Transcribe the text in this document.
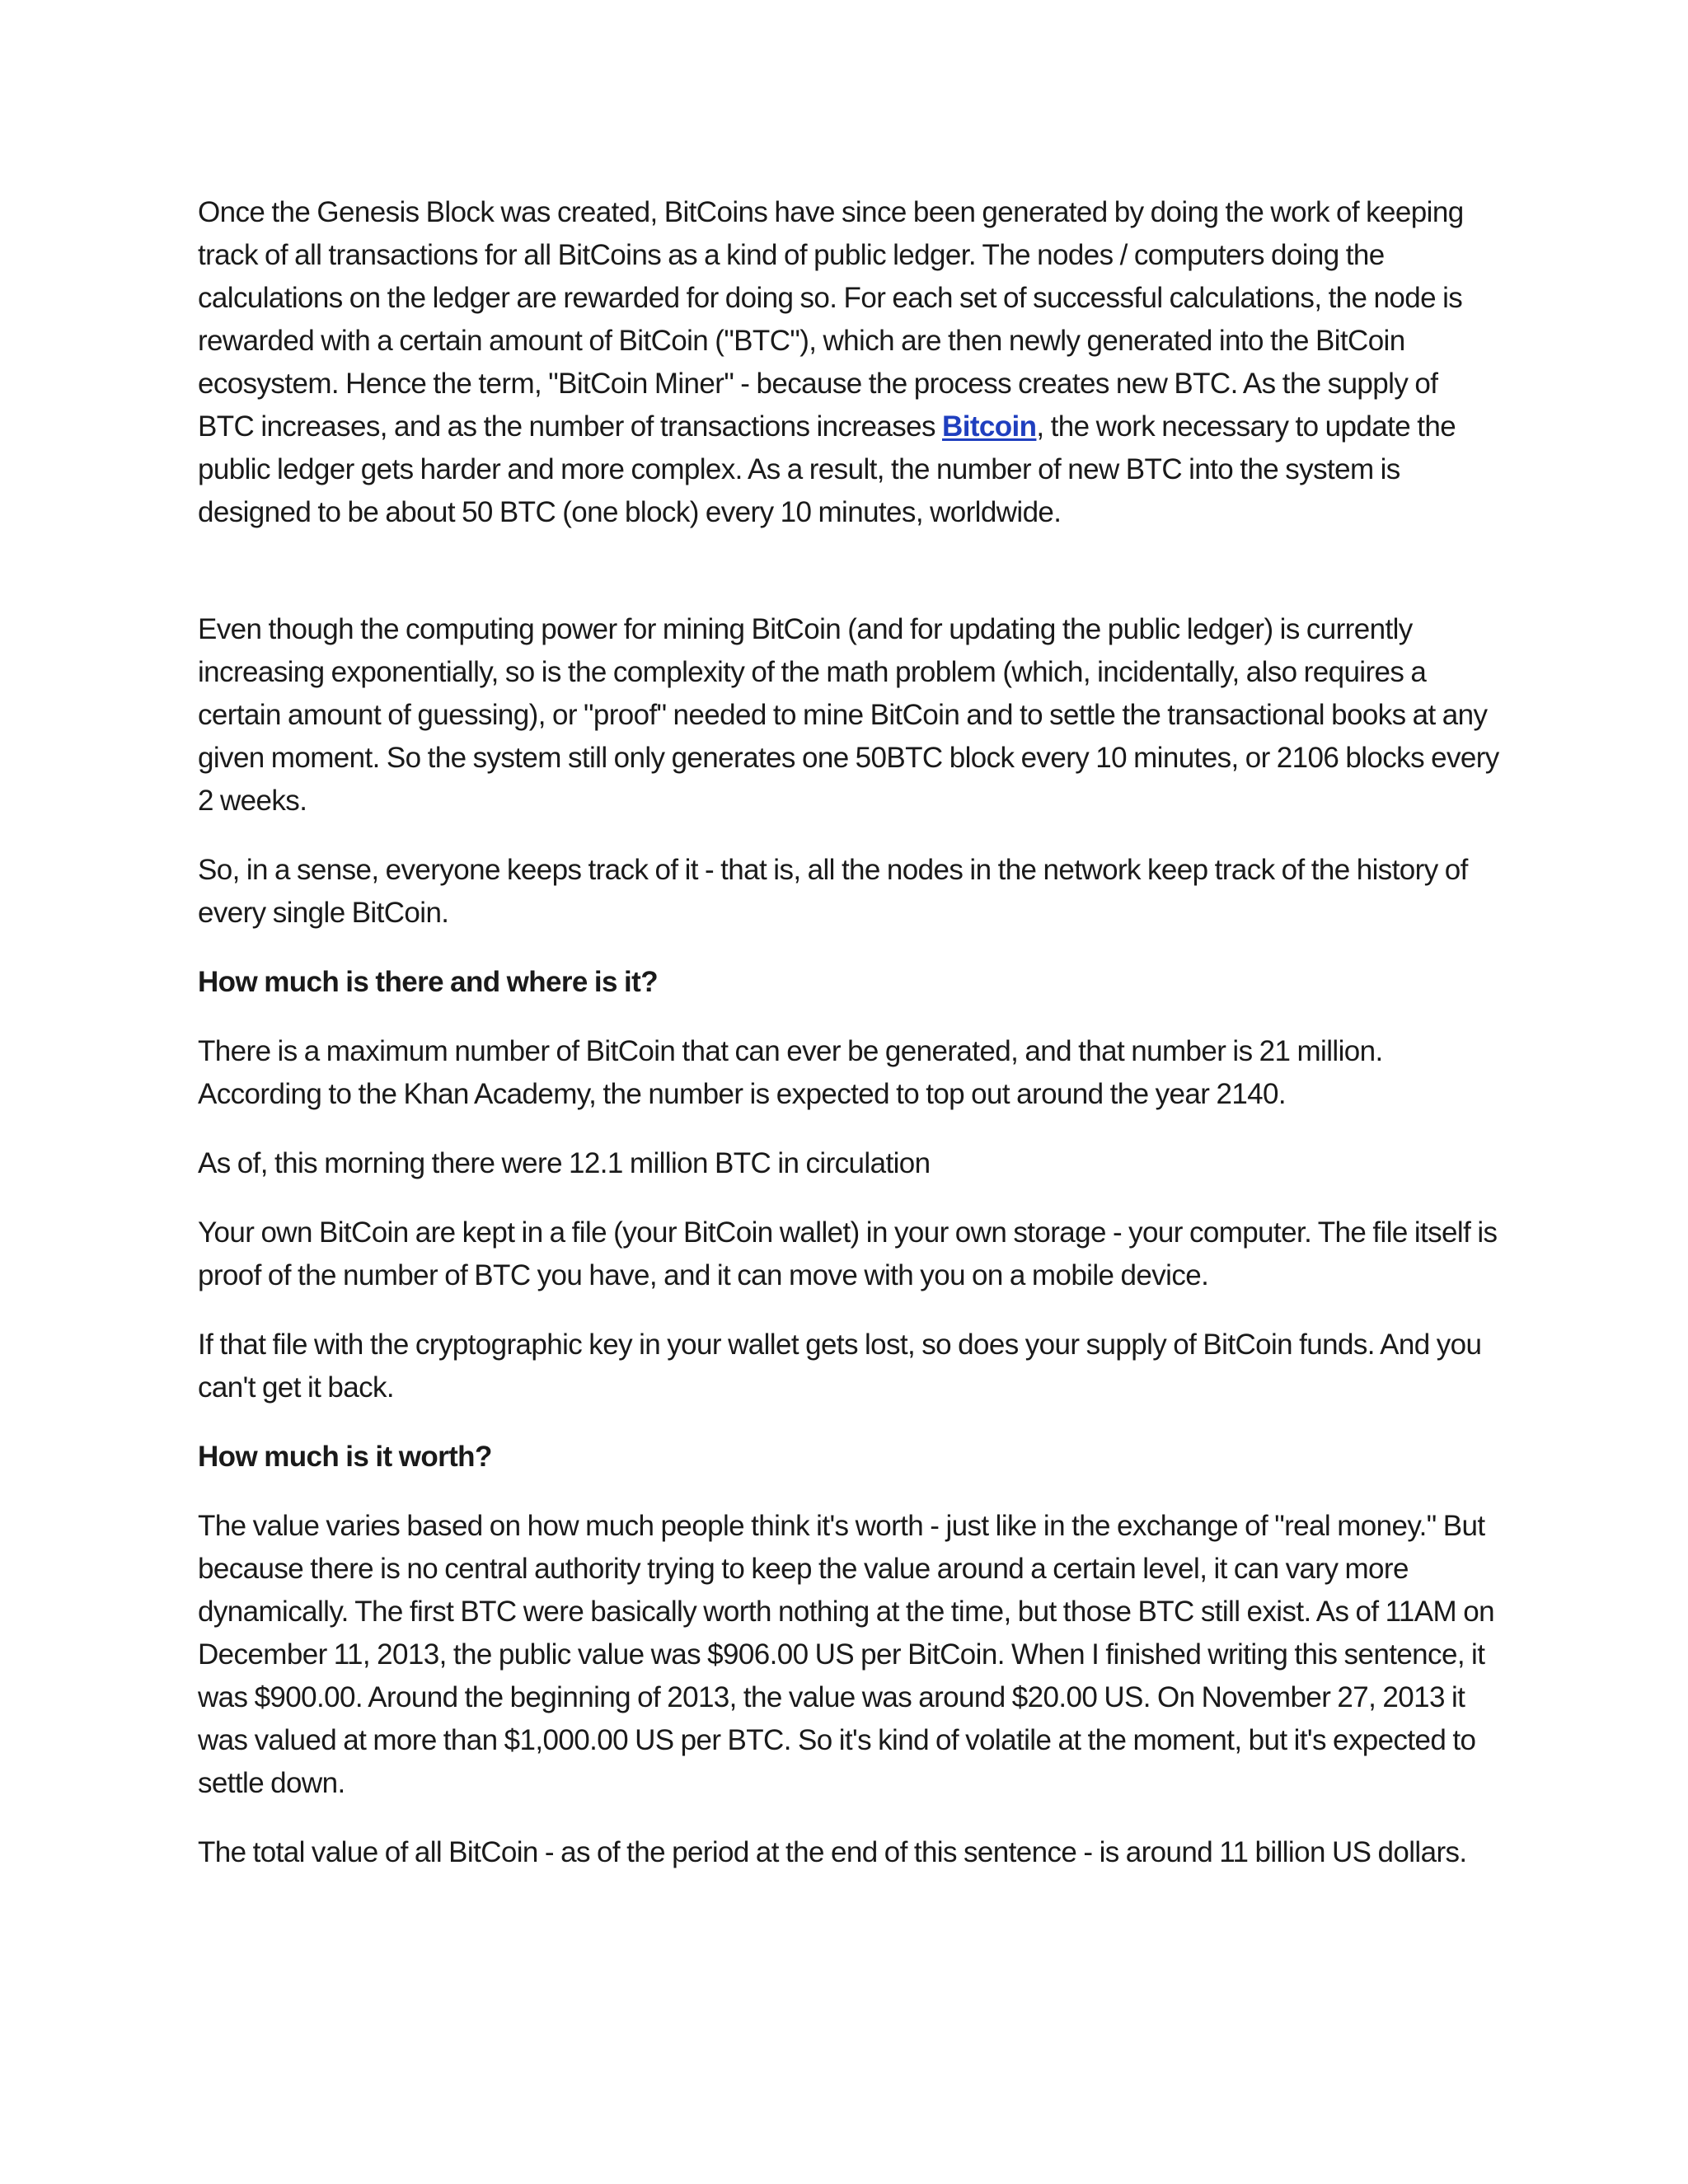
Once the Genesis Block was created, BitCoins have since been generated by doing the work of keeping track of all transactions for all BitCoins as a kind of public ledger. The nodes / computers doing the calculations on the ledger are rewarded for doing so. For each set of successful calculations, the node is rewarded with a certain amount of BitCoin ("BTC"), which are then newly generated into the BitCoin ecosystem. Hence the term, "BitCoin Miner" - because the process creates new BTC. As the supply of BTC increases, and as the number of transactions increases Bitcoin, the work necessary to update the public ledger gets harder and more complex. As a result, the number of new BTC into the system is designed to be about 50 BTC (one block) every 10 minutes, worldwide.

Even though the computing power for mining BitCoin (and for updating the public ledger) is currently increasing exponentially, so is the complexity of the math problem (which, incidentally, also requires a certain amount of guessing), or "proof" needed to mine BitCoin and to settle the transactional books at any given moment. So the system still only generates one 50BTC block every 10 minutes, or 2106 blocks every 2 weeks.

So, in a sense, everyone keeps track of it - that is, all the nodes in the network keep track of the history of every single BitCoin.

How much is there and where is it?

There is a maximum number of BitCoin that can ever be generated, and that number is 21 million. According to the Khan Academy, the number is expected to top out around the year 2140.

As of, this morning there were 12.1 million BTC in circulation

Your own BitCoin are kept in a file (your BitCoin wallet) in your own storage - your computer. The file itself is proof of the number of BTC you have, and it can move with you on a mobile device.

If that file with the cryptographic key in your wallet gets lost, so does your supply of BitCoin funds. And you can't get it back.

How much is it worth?

The value varies based on how much people think it's worth - just like in the exchange of "real money." But because there is no central authority trying to keep the value around a certain level, it can vary more dynamically. The first BTC were basically worth nothing at the time, but those BTC still exist. As of 11AM on December 11, 2013, the public value was $906.00 US per BitCoin. When I finished writing this sentence, it was $900.00. Around the beginning of 2013, the value was around $20.00 US. On November 27, 2013 it was valued at more than $1,000.00 US per BTC. So it's kind of volatile at the moment, but it's expected to settle down.

The total value of all BitCoin - as of the period at the end of this sentence - is around 11 billion US dollars.
